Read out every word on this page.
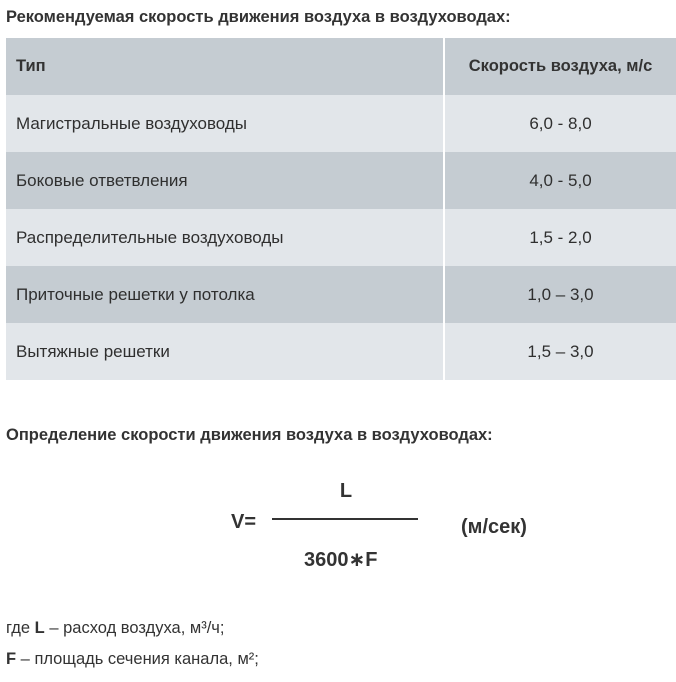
Рекомендуемая скорость движения воздуха в воздуховодах:
Тип	Скорость воздуха, м/с
Магистральные воздуховоды	6,0 - 8,0
Боковые ответвления	4,0 - 5,0
Распределительные воздуховоды	1,5 - 2,0
Приточные решетки у потолка	1,0 – 3,0
Вытяжные решетки	1,5 – 3,0
Определение скорости движения воздуха в воздуховодах:
V=
L
3600∗F
(м/сек)
где L – расход воздуха, м³/ч;
F – площадь сечения канала, м²;
